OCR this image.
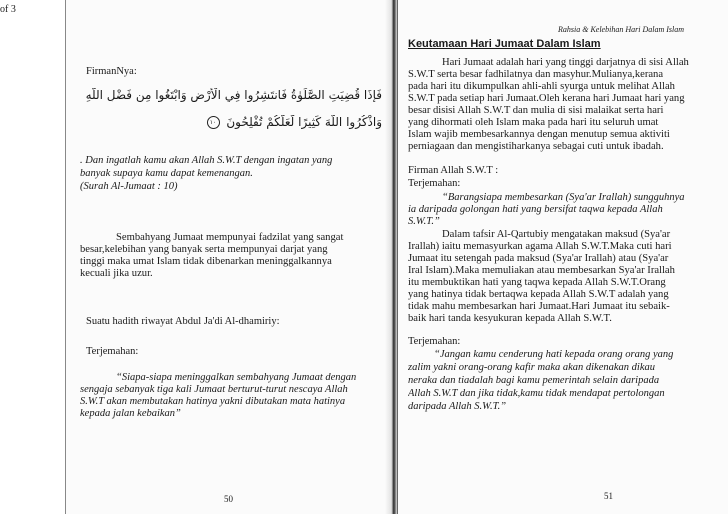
of 3

FirmanNya:

فَإِذَا قُضِيَتِ الصَّلَوٰةُ فَانتَشِرُوا فِي الْأَرْضِ وَابْتَغُوا مِن فَضْلِ اللَّهِ

وَاذْكُرُوا اللَّهَ كَثِيرًا لَّعَلَّكُمْ تُفْلِحُونَ ١٠

. Dan ingatlah kamu akan Allah S.W.T dengan ingatan yang

banyak supaya kamu dapat kemenangan.

(Surah Al-Jumaat : 10)

Sembahyang Jumaat mempunyai fadzilat yang sangat

besar,kelebihan yang banyak serta mempunyai darjat yang

tinggi maka umat Islam tidak dibenarkan meninggalkannya

kecuali jika uzur.

Suatu hadith riwayat Abdul Ja'di Al-dhamiriy:

Terjemahan:

“Siapa-siapa meninggalkan sembahyang Jumaat dengan

sengaja sebanyak tiga kali Jumaat berturut-turut nescaya Allah

S.W.T akan membutakan hatinya yakni dibutakan mata hatinya

kepada jalan kebaikan”

50

Rahsia & Kelebihan Hari Dalam Islam

Keutamaan Hari Jumaat Dalam Islam

Hari Jumaat adalah hari yang tinggi darjatnya di sisi Allah

S.W.T serta besar fadhilatnya dan masyhur.Mulianya,kerana

pada hari itu dikumpulkan ahli-ahli syurga untuk melihat Allah

S.W.T pada setiap hari Jumaat.Oleh kerana hari Jumaat hari yang

besar disisi Allah S.W.T dan mulia di sisi malaikat serta hari

yang dihormati oleh Islam maka pada hari itu seluruh umat

Islam wajib membesarkannya dengan menutup semua aktiviti

perniagaan dan mengistiharkanya sebagai cuti untuk ibadah.

Firman Allah S.W.T :

Terjemahan:

“Barangsiapa membesarkan (Sya'ar Irallah) sungguhnya

ia daripada golongan hati yang bersifat taqwa kepada Allah

S.W.T.”

Dalam tafsir Al-Qartubiy mengatakan maksud (Sya'ar

Irallah) iaitu memasyurkan agama Allah S.W.T.Maka cuti hari

Jumaat itu setengah pada maksud (Sya'ar Irallah) atau (Sya'ar

Iral Islam).Maka memuliakan atau membesarkan Sya'ar Irallah

itu membuktikan hati yang taqwa kepada Allah S.W.T.Orang

yang hatinya tidak bertaqwa kepada Allah S.W.T adalah yang

tidak mahu membesarkan hari Jumaat.Hari Jumaat itu sebaik-

baik hari tanda kesyukuran kepada Allah S.W.T.

Terjemahan:

“Jangan kamu cenderung hati kepada orang orang yang

zalim yakni orang-orang kafir maka akan dikenakan dikau

neraka dan tiadalah bagi kamu pemerintah selain daripada

Allah S.W.T dan jika tidak,kamu tidak mendapat pertolongan

daripada Allah S.W.T.”

51
